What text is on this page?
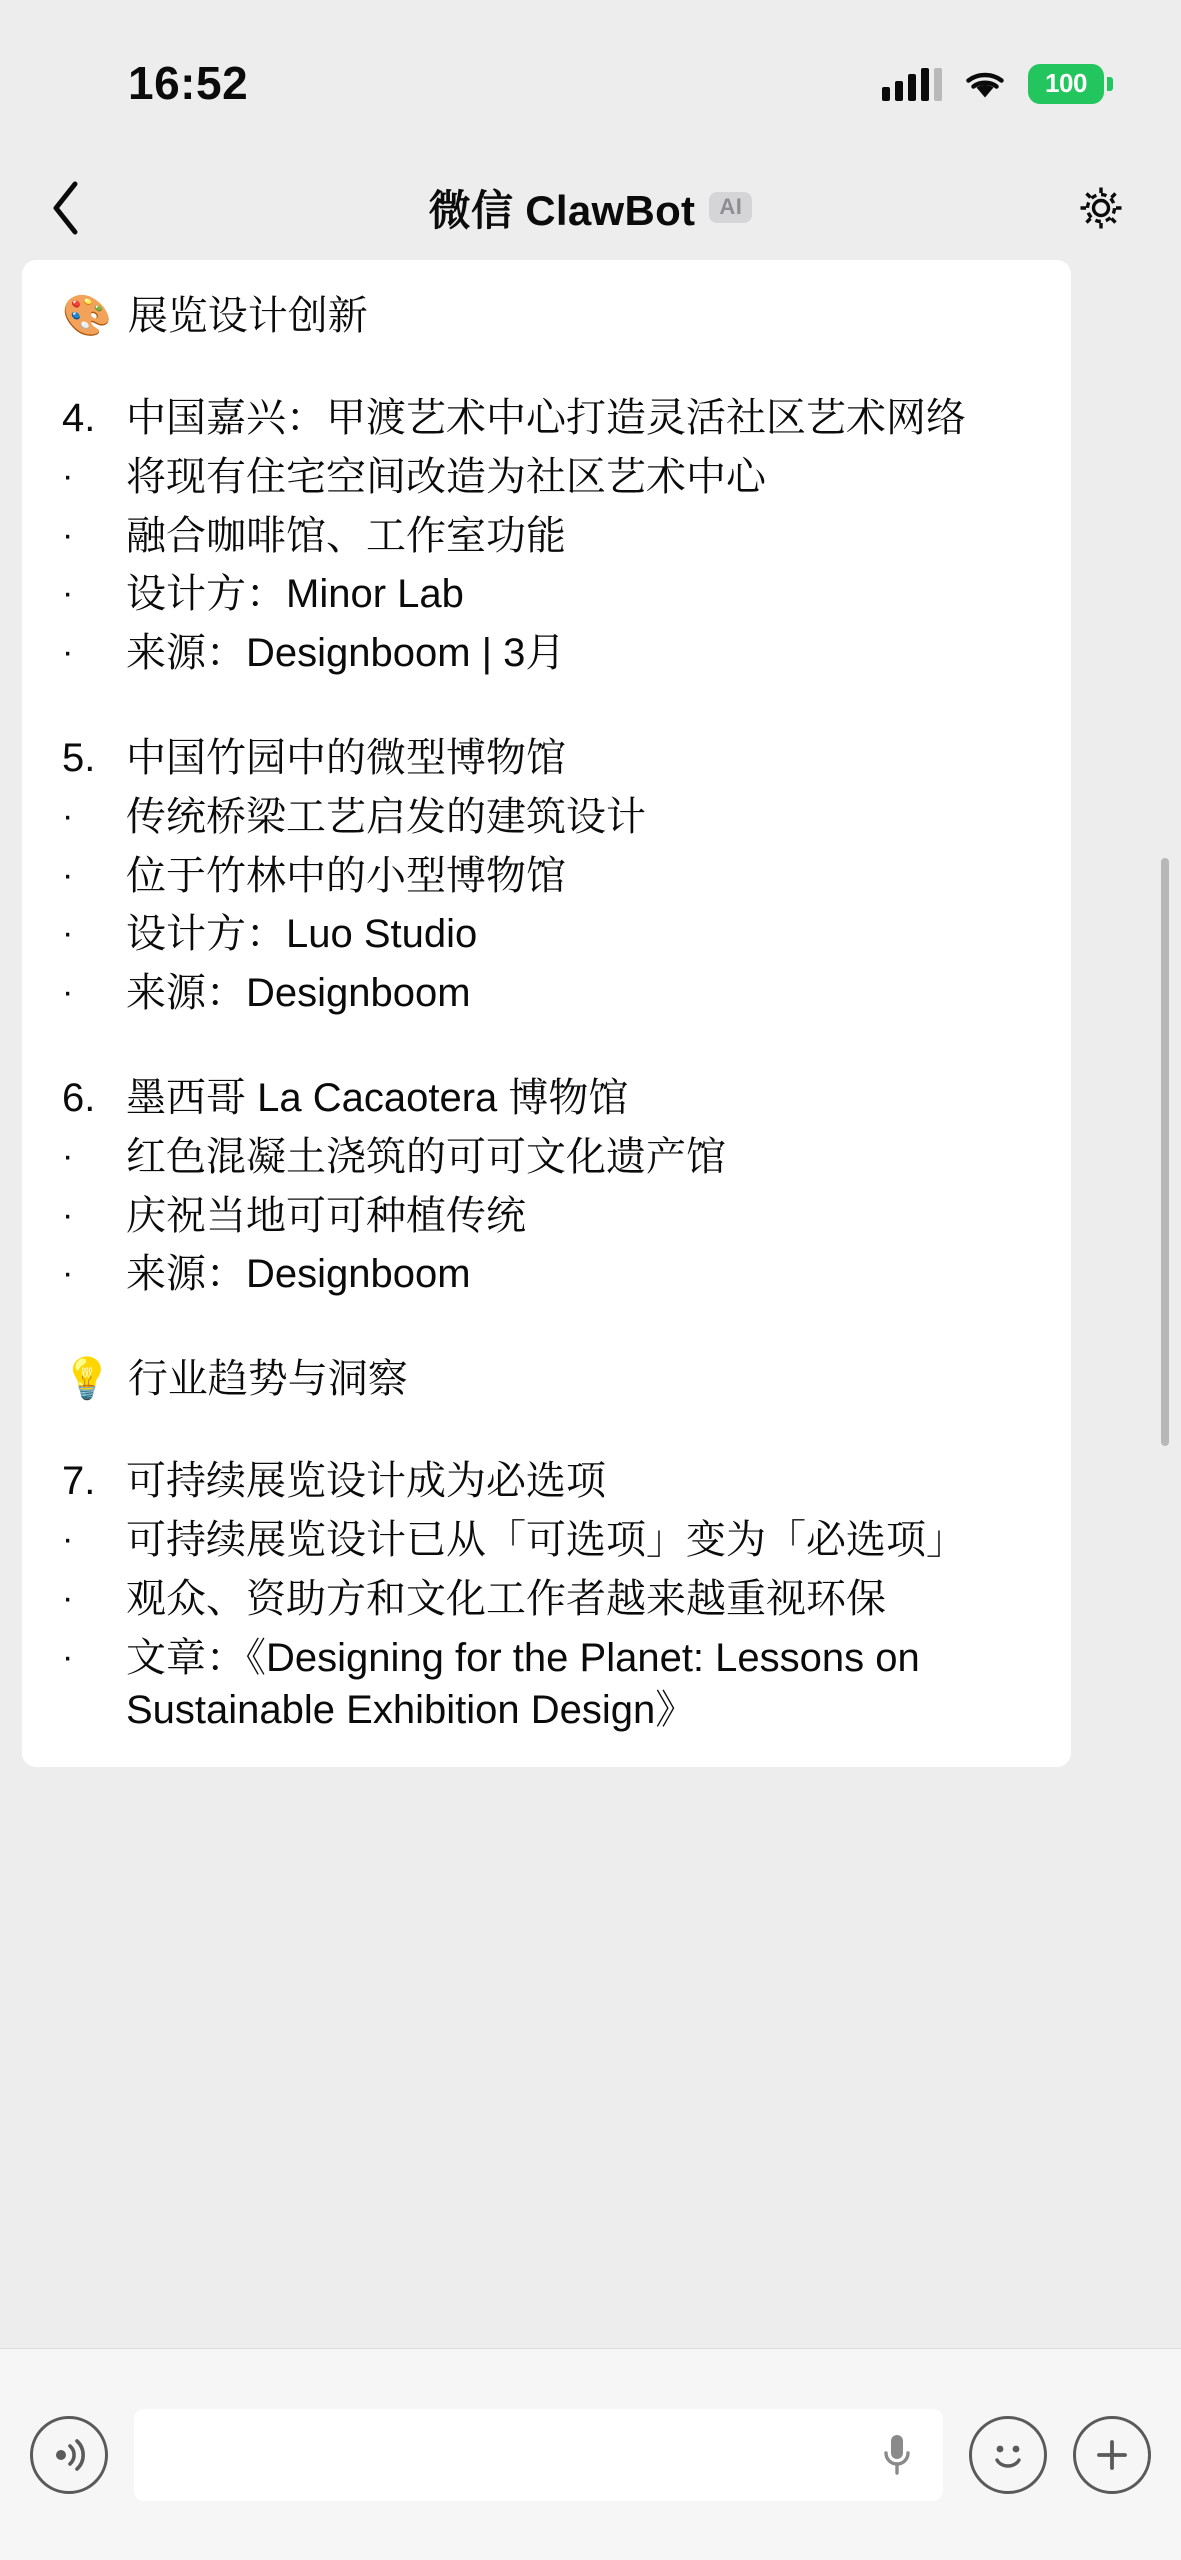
16:52	100
微信 ClawBot	AI
🎨 展览设计创新
4. 中国嘉兴：甲渡艺术中心打造灵活社区艺术网络
·	将现有住宅空间改造为社区艺术中心
·	融合咖啡馆、工作室功能
·	设计方：Minor Lab
·	来源：Designboom | 3月
5. 中国竹园中的微型博物馆
·	传统桥梁工艺启发的建筑设计
·	位于竹林中的小型博物馆
·	设计方：Luo Studio
·	来源：Designboom
6. 墨西哥 La Cacaotera 博物馆
·	红色混凝土浇筑的可可文化遗产馆
·	庆祝当地可可种植传统
·	来源：Designboom
💡 行业趋势与洞察
7. 可持续展览设计成为必选项
·	可持续展览设计已从「可选项」变为「必选项」
·	观众、资助方和文化工作者越来越重视环保
·	文章：《Designing for the Planet: Lessons on Sustainable Exhibition Design》
